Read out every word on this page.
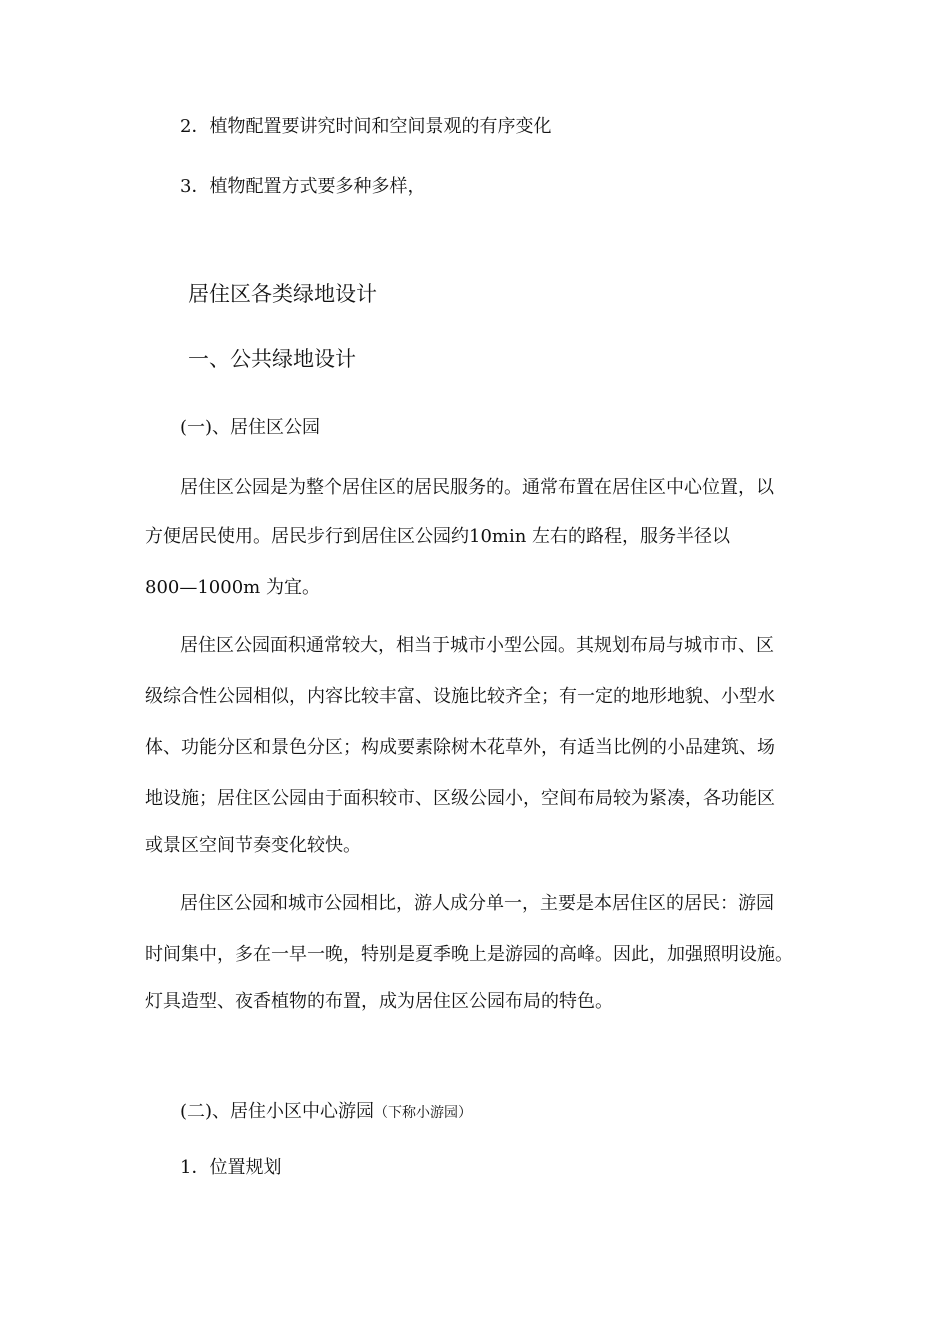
2．植物配置要讲究时间和空间景观的有序变化
3．植物配置方式要多种多样，
居住区各类绿地设计
一、公共绿地设计
(一)、居住区公园
居住区公园是为整个居住区的居民服务的。通常布置在居住区中心位置，以
方便居民使用。居民步行到居住区公园约10min 左右的路程，服务半径以
800—1000m 为宜。
居住区公园面积通常较大，相当于城市小型公园。其规划布局与城市市、区
级综合性公园相似，内容比较丰富、设施比较齐全；有一定的地形地貌、小型水
体、功能分区和景色分区；构成要素除树木花草外，有适当比例的小品建筑、场
地设施；居住区公园由于面积较市、区级公园小，空间布局较为紧凑，各功能区
或景区空间节奏变化较快。
居住区公园和城市公园相比，游人成分单一，主要是本居住区的居民：游园
时间集中，多在一早一晚，特别是夏季晚上是游园的高峰。因此，加强照明设施。
灯具造型、夜香植物的布置，成为居住区公园布局的特色。
(二)、居住小区中心游园（下称小游园）
1．位置规划
